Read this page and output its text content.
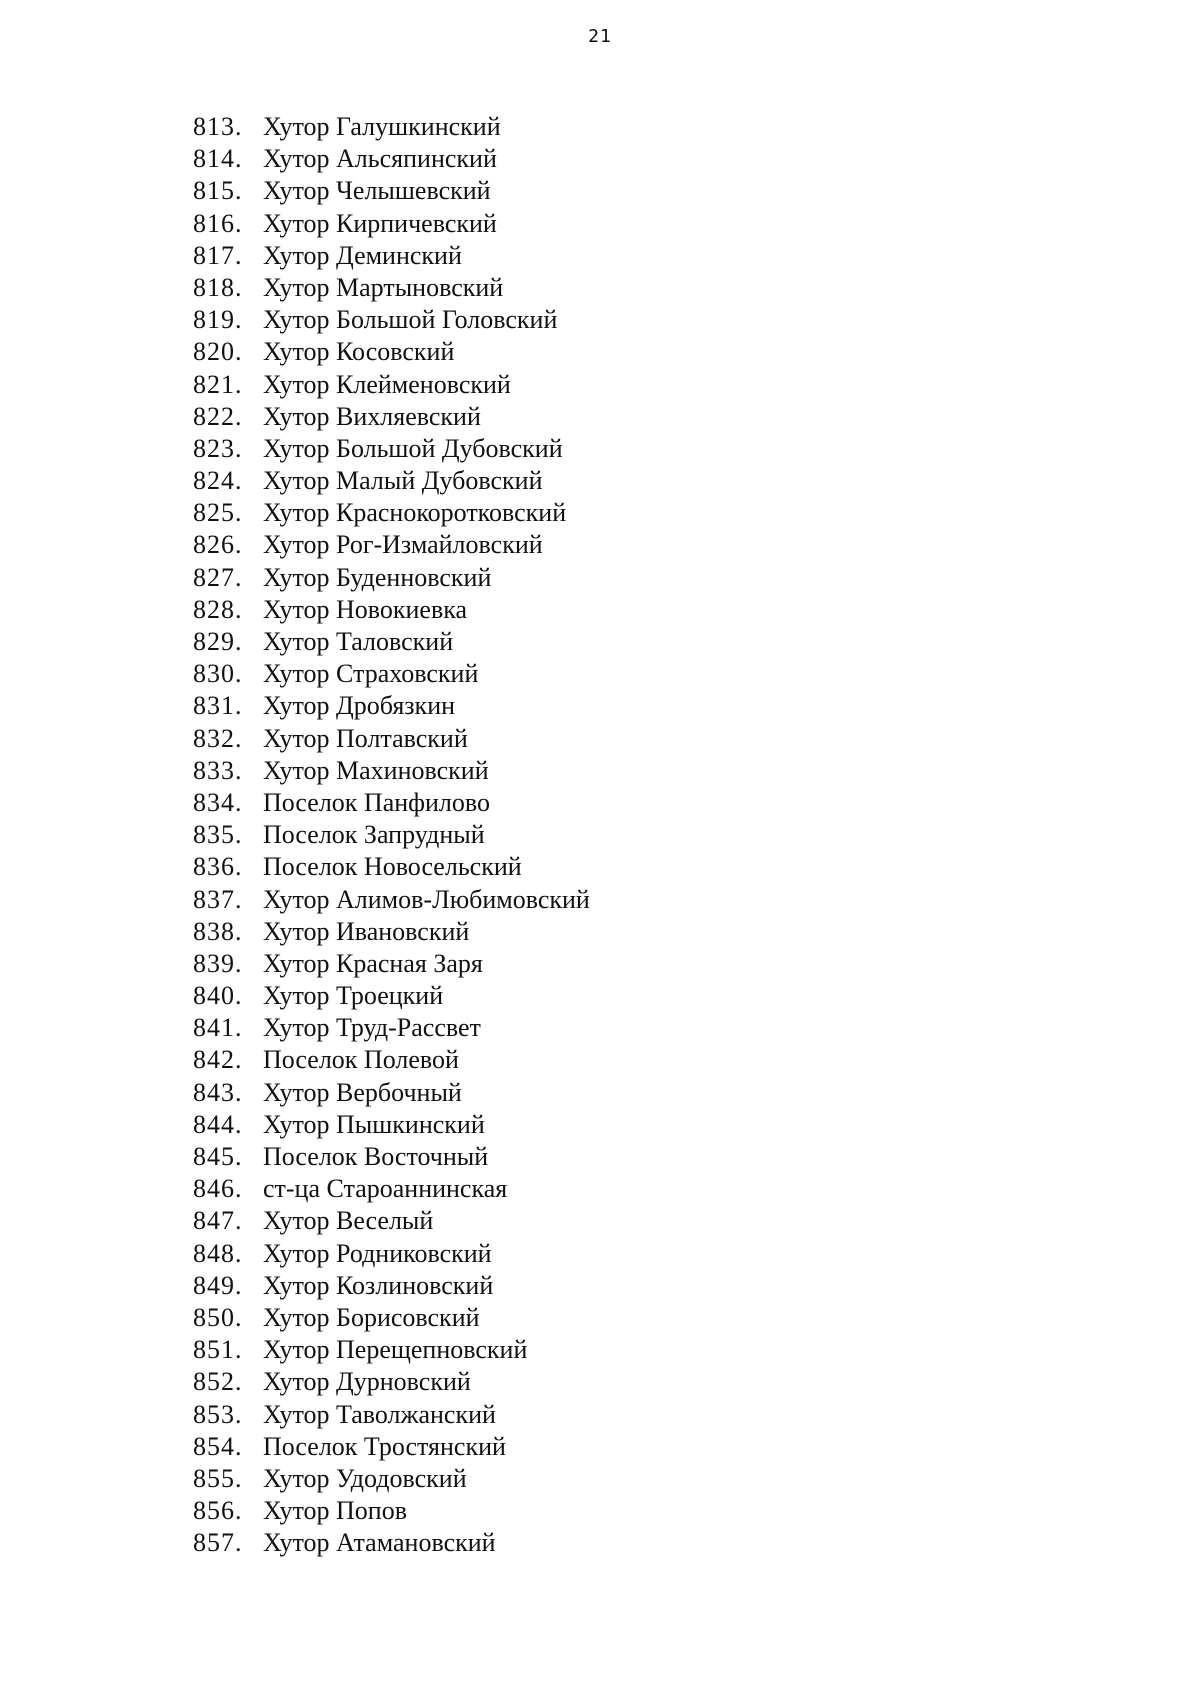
21
813. Хутор Галушкинский
814. Хутор Альсяпинский
815. Хутор Челышевский
816. Хутор Кирпичевский
817. Хутор Деминский
818. Хутор Мартыновский
819. Хутор Большой Головский
820. Хутор Косовский
821. Хутор Клейменовский
822. Хутор Вихляевский
823. Хутор Большой Дубовский
824. Хутор Малый Дубовский
825. Хутор Краснокоротковский
826. Хутор Рог-Измайловский
827. Хутор Буденновский
828. Хутор Новокиевка
829. Хутор Таловский
830. Хутор Страховский
831. Хутор Дробязкин
832. Хутор Полтавский
833. Хутор Махиновский
834. Поселок Панфилово
835. Поселок Запрудный
836. Поселок Новосельский
837. Хутор Алимов-Любимовский
838. Хутор Ивановский
839. Хутор Красная Заря
840. Хутор Троецкий
841. Хутор Труд-Рассвет
842. Поселок Полевой
843. Хутор Вербочный
844. Хутор Пышкинский
845. Поселок Восточный
846. ст-ца Староаннинская
847. Хутор Веселый
848. Хутор Родниковский
849. Хутор Козлиновский
850. Хутор Борисовский
851. Хутор Перещепновский
852. Хутор Дурновский
853. Хутор Таволжанский
854. Поселок Тростянский
855. Хутор Удодовский
856. Хутор Попов
857. Хутор Атамановский
